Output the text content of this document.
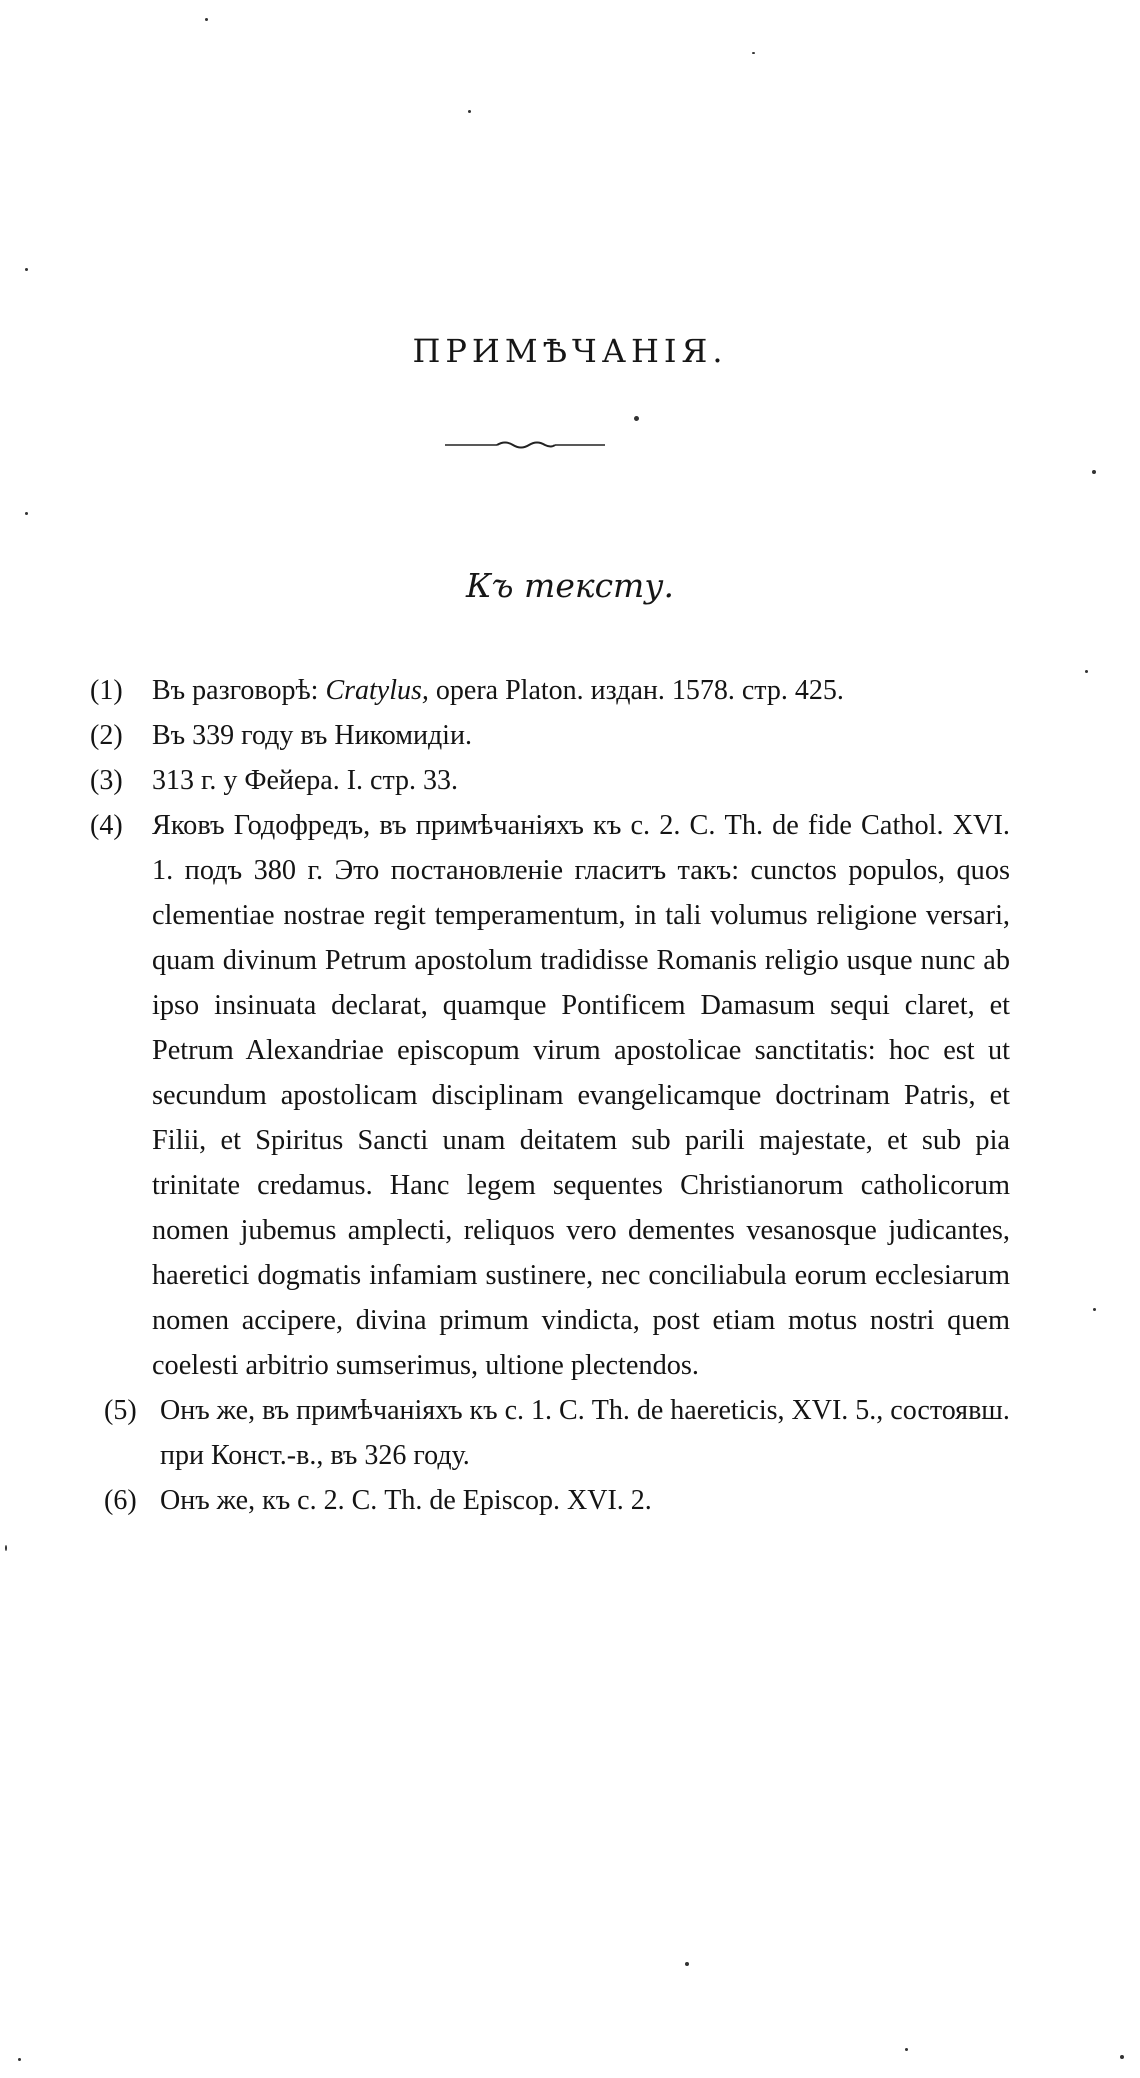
ПРИМѢЧАНІЯ.
Къ тексту.
(1)	Въ разговорѣ: Cratylus, opera Platon. издан. 1578. стр. 425.
(2)	Въ 339 году въ Никомидіи.
(3)	313 г. у Фейера. I. стр. 33.
(4)	Яковъ Годофредъ, въ примѣчаніяхъ къ с. 2. С. Th. de fide Cathol. XVI. 1. подъ 380 г. Это постановленіе гласитъ такъ: cunctos populos, quos clementiae nostrae regit temperamentum, in tali volumus religione versari, quam divinum Petrum apostolum tradidisse Romanis religio usque nunc ab ipso insinuata declarat, quamque Pontificem Damasum sequi claret, et Petrum Alexandriae episcopum virum apostolicae sanctitatis: hoc est ut secundum apostolicam disciplinam evangelicamque doctrinam Patris, et Filii, et Spiritus Sancti unam deitatem sub parili majestate, et sub pia trinitate credamus. Hanc legem sequentes Christianorum catholicorum nomen jubemus amplecti, reliquos vero dementes vesanosque judicantes, haeretici dogmatis infamiam sustinere, nec conciliabula eorum ecclesiarum nomen accipere, divina primum vindicta, post etiam motus nostri quem coelesti arbitrio sumserimus, ultione plectendos.
(5) Онъ же, въ примѣчаніяхъ къ с. 1. С. Th. de haereticis, XVI. 5., состоявш. при Конст.-в., въ 326 году.
(6) Онъ же, къ с. 2. С. Th. de Episcop. XVI. 2.
